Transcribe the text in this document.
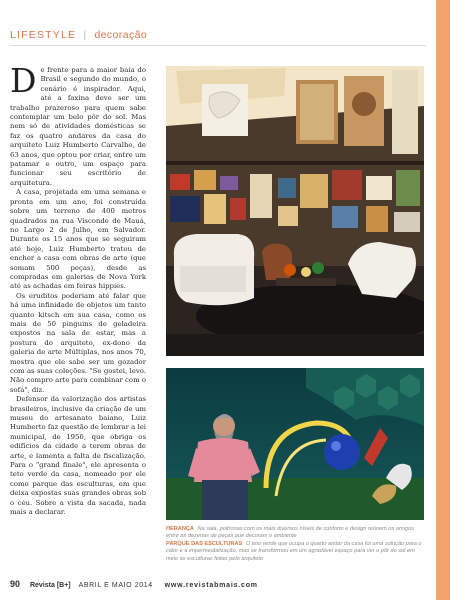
LIFESTYLE | decoração

De frente para a maior baía do Brasil e segundo do mundo, o cenário é inspirador. Aqui, até a faxina deve ser um trabalho prazeroso para quem sabe contemplar um belo pôr do sol. Mas nem só de atividades domésticas se faz os quatro andares da casa do arquiteto Luiz Humberto Carvalho, de 63 anos, que optou por criar, entre um patamar e outro, um espaço para funcionar seu escritório de arquitetura.

A casa, projetada em uma semana e pronta em um ano, foi construída sobre um terreno de 400 metros quadrados na rua Visconde de Mauá, no Largo 2 de Julho, em Salvador. Durante os 15 anos que se seguiram até hoje, Luiz Humberto tratou de encher a casa com obras de arte (que somam 500 peças), desde as compradas em galerias de Nova York até as achadas em feiras hippies.

Os eruditos poderiam até falar que há uma infinidade de objetos um tanto quanto kitsch em sua casa, como os mais de 50 pinguins de geladeira expostos na sala de estar, mas a postura do arquiteto, ex-dono da galeria de arte Múltiplas, nos anos 70, mostra que ele sabe ser um gozador com as suas coleções. "Se gostei, levo. Não compro arte para combinar com o sofá", diz.

Defensor da valorização dos artistas brasileiros, inclusive da criação de um museu do artesanato baiano, Luiz Humberto faz questão de lembrar a lei municipal, de 1956, que obriga os edifícios da cidade a terem obras de arte, e lamenta a falta de fiscalização. Para o "grand finale", ele apresenta o teto verde da casa, nomeado por ele como parque das esculturas, em que deixa expostas suas grandes obras sob o céu. Sobre a vista da sacada, nada mais a declarar.

HERANÇA Na sala, poltronas com os mais diversos níveis de conforto e design reúnem os amigos entre as dezenas de peças que decoram o ambiente
PARQUE DAS ESCULTURAS O teto verde que ocupa o quarto andar da casa foi uma solução para o calor e a impermeabilização, mas se transformou em um agradável espaço para ver o pôr do sol em meio às esculturas feitas pelo arquiteto
90 Revista [B+] ABRIL E MAIO 2014 www.revistabmais.com
